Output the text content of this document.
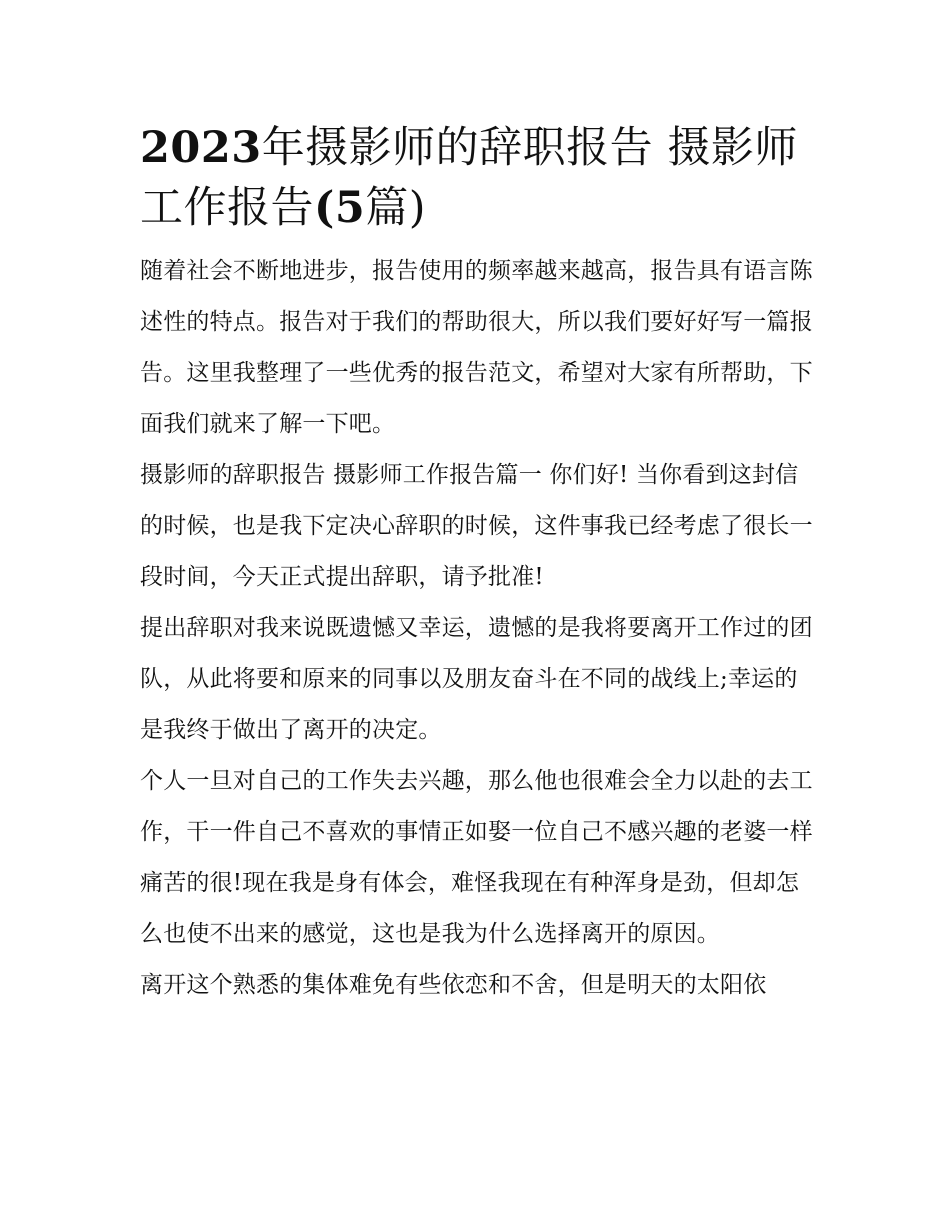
2023年摄影师的辞职报告 摄影师工作报告(5篇)

随着社会不断地进步，报告使用的频率越来越高，报告具有语言陈述性的特点。报告对于我们的帮助很大，所以我们要好好写一篇报告。这里我整理了一些优秀的报告范文，希望对大家有所帮助，下面我们就来了解一下吧。

摄影师的辞职报告 摄影师工作报告篇一 你们好! 当你看到这封信的时候，也是我下定决心辞职的时候，这件事我已经考虑了很长一段时间，今天正式提出辞职，请予批准!

提出辞职对我来说既遗憾又幸运，遗憾的是我将要离开工作过的团队，从此将要和原来的同事以及朋友奋斗在不同的战线上;幸运的是我终于做出了离开的决定。

个人一旦对自己的工作失去兴趣，那么他也很难会全力以赴的去工作，干一件自己不喜欢的事情正如娶一位自己不感兴趣的老婆一样痛苦的很!现在我是身有体会，难怪我现在有种浑身是劲，但却怎么也使不出来的感觉，这也是我为什么选择离开的原因。

离开这个熟悉的集体难免有些依恋和不舍，但是明天的太阳依
